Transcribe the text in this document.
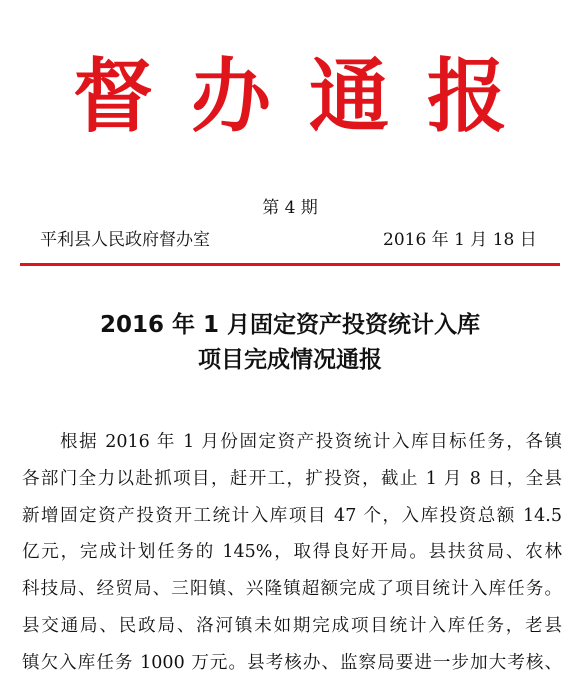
督办通报
第 4 期
平利县人民政府督办室	2016 年 1 月 18 日
2016 年 1 月固定资产投资统计入库
项目完成情况通报
根据 2016 年 1 月份固定资产投资统计入库目标任务，各镇
各部门全力以赴抓项目，赶开工，扩投资，截止 1 月 8 日，全县
新增固定资产投资开工统计入库项目 47 个，入库投资总额 14.5
亿元，完成计划任务的 145%，取得良好开局。县扶贫局、农林
科技局、经贸局、三阳镇、兴隆镇超额完成了项目统计入库任务。
县交通局、民政局、洛河镇未如期完成项目统计入库任务，老县
镇欠入库任务 1000 万元。县考核办、监察局要进一步加大考核、
